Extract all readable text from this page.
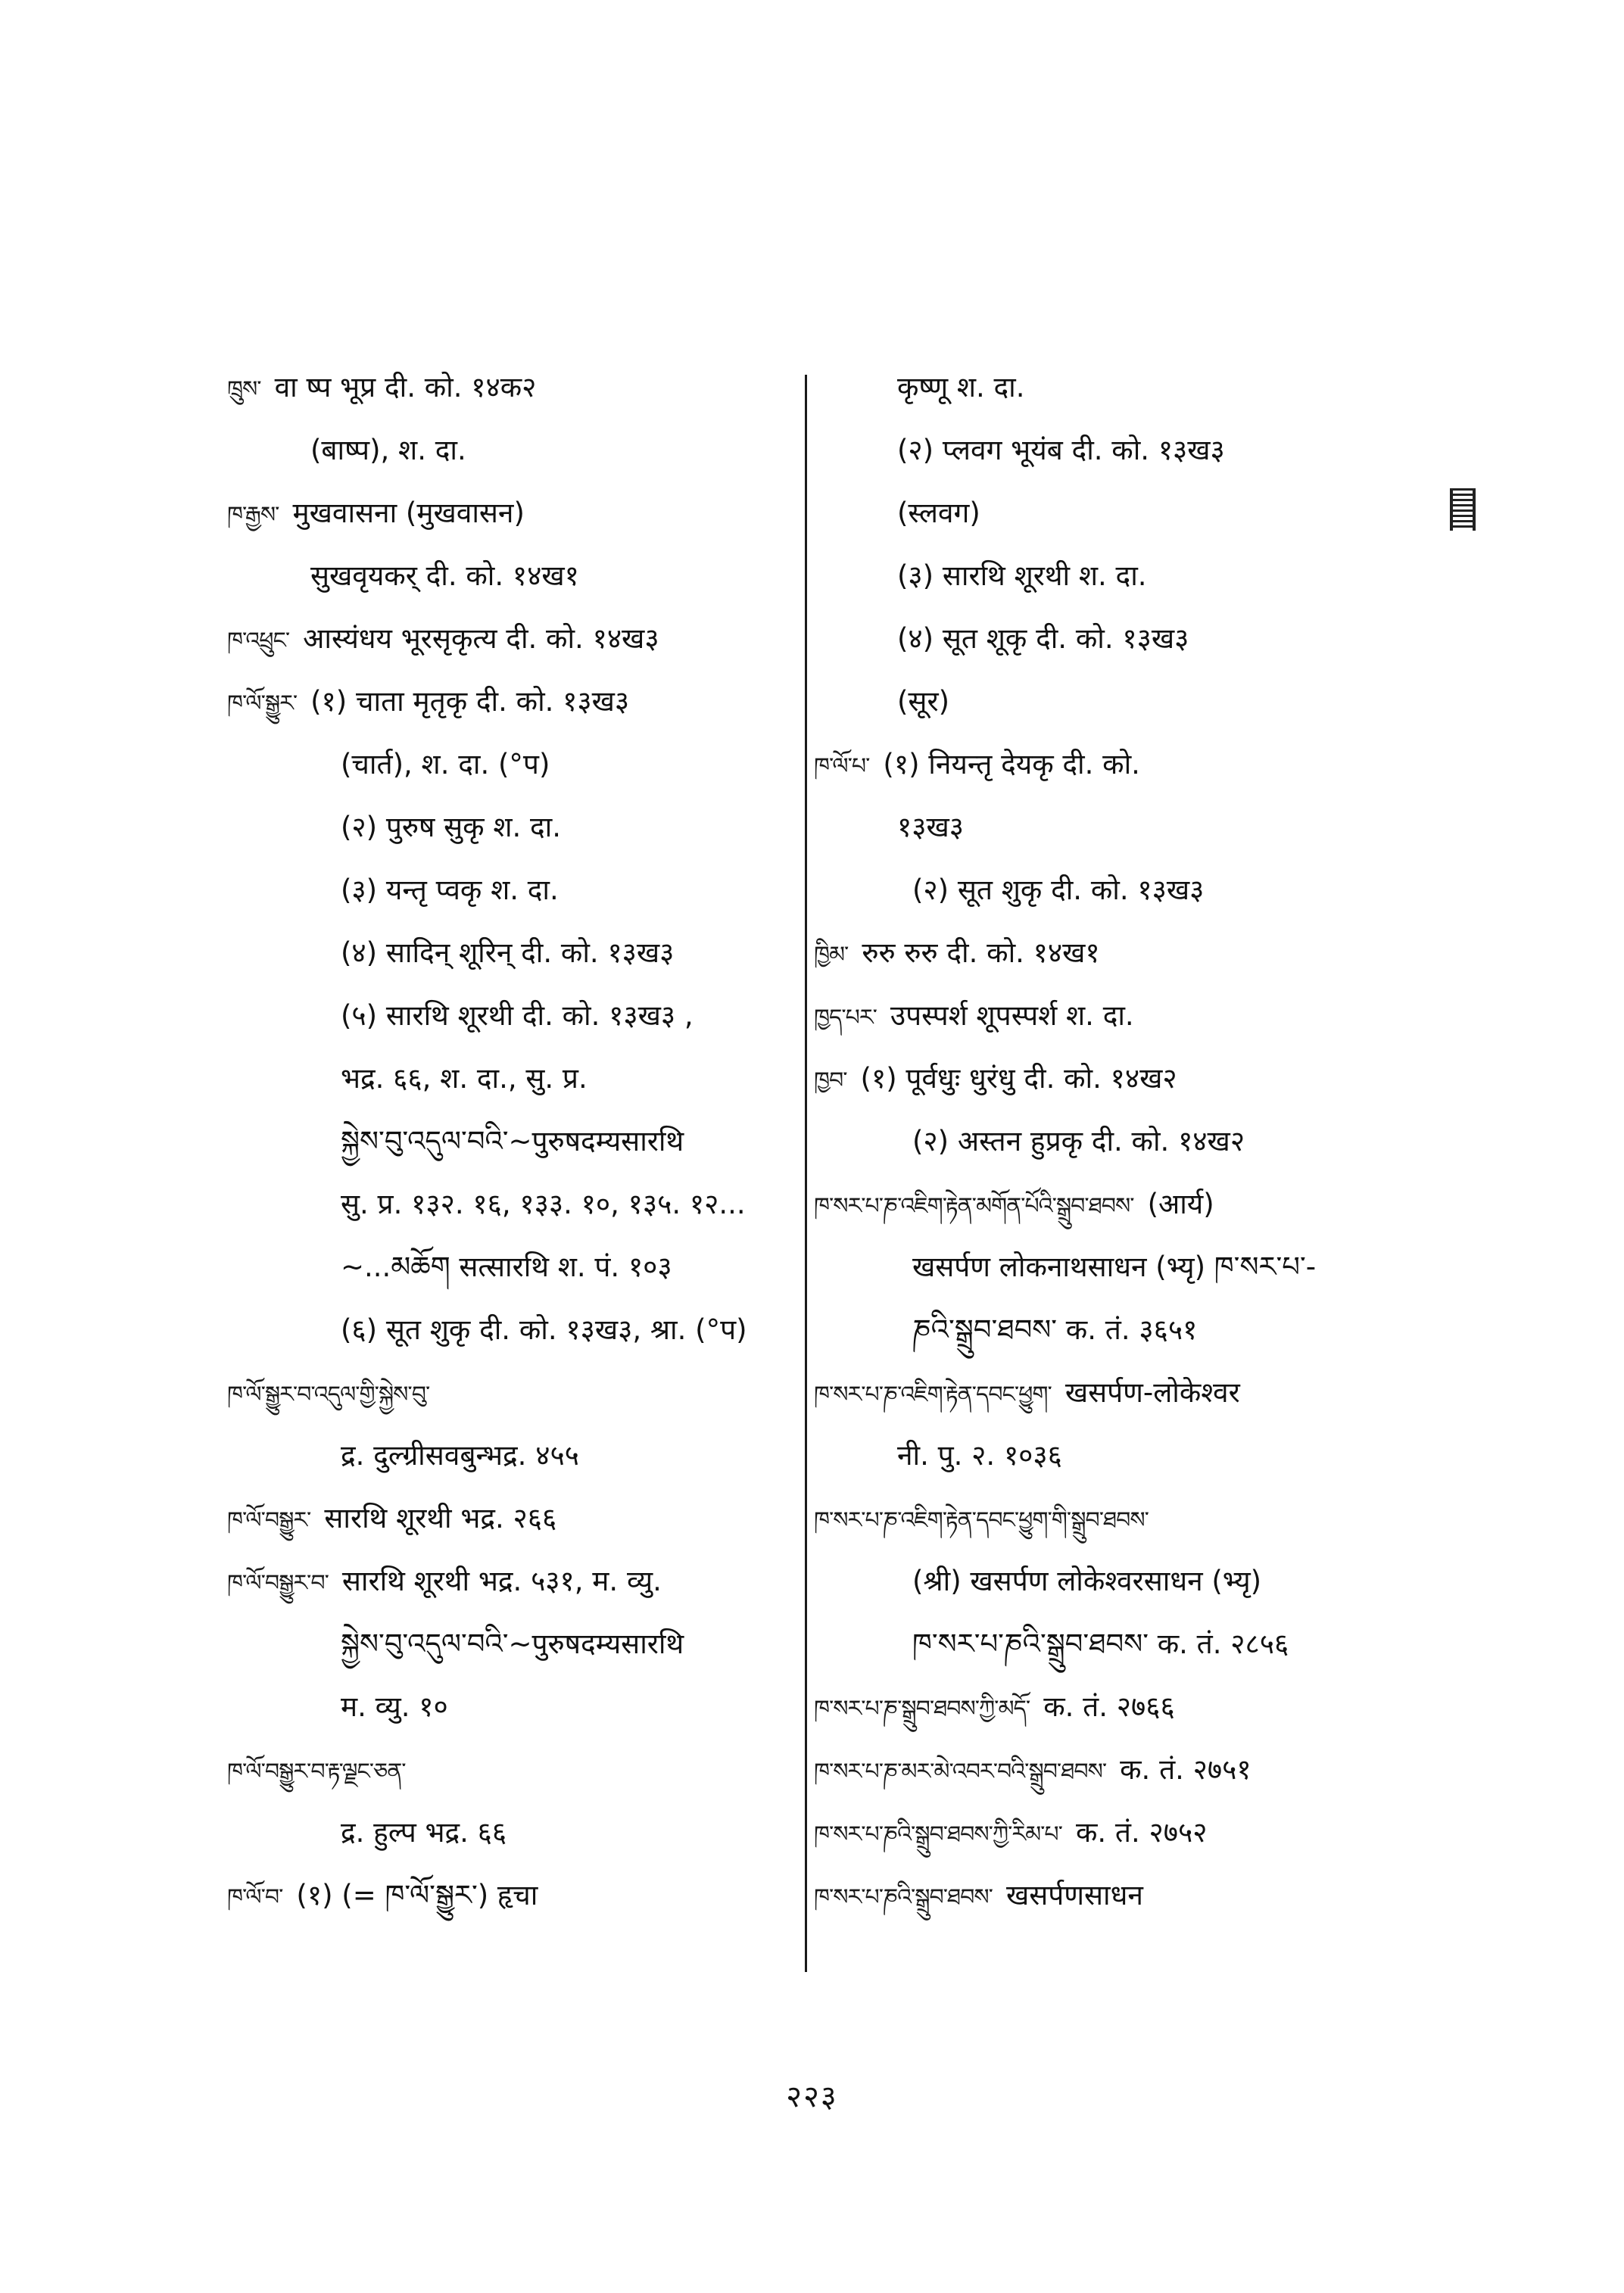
ཁྲུས་ वा ष्प भूप्र दी. को. १४क२
(बाष्प), श. दा.
ཁ་རྒྱས་ मुखवासना (मुखवासन)
सुखवृयकर् दी. को. १४ख१
ཁ་འཕྲུང་ आस्यंधय भूरसृकृत्य दी. को. १४ख३
ཁ་ལོ་སྒྱུར་ (१) चाता मृतृकृ दी. को. १३ख३
(चार्त), श. दा. (°प)
(२) पुरुष सुकृ श. दा.
(३) यन्तृ प्वकृ श. दा.
(४) सादिन् शूरिन् दी. को. १३ख३
(५) सारथि शूरथी दी. को. १३ख३ ,
भद्र. ६६, श. दा., सु. प्र.
སྐྱེས་བུ་འདུལ་བའི་~पुरुषदम्यसारथि
सु. प्र. १३२. १६, १३३. १०, १३५. १२...
~...མཆོག सत्सारथि श. पं. १०३
(६) सूत शुकृ दी. को. १३ख३, श्रा. (°प)
ཁ་ལོ་སྒྱུར་བ་འདུལ་གྱི་སྐྱེས་བུ་
द्र. दुल्ग्रीसवबुन्भद्र. ४५५
ཁ་ལོ་བསྒྱུར་ सारथि शूरथी भद्र. २६६
ཁ་ལོ་བསྒྱུར་བ་ सारथि शूरथी भद्र. ५३१, म. व्यु.
སྐྱེས་བུ་འདུལ་བའི་~पुरुषदम्यसारथि
म. व्यु. १०
ཁ་ལོ་བསྒྱུར་བ་རྟ་ལྗང་ཅན་
द्र. हुल्प भद्र. ६६
ཁ་ལོ་བ་ (१) (= ཁ་ལོ་སྒྱུར་) हृचा
कृष्णू श. दा.
(२) प्लवग भूयंब दी. को. १३ख३
(स्लवग)
(३) सारथि शूरथी श. दा.
(४) सूत शूकृ दी. को. १३ख३
(सूर)
ཁ་ལོ་པ་ (१) नियन्तृ देयकृ दी. को.
१३ख३
(२) सूत शुकृ दी. को. १३ख३
ཁྱིམ་ रुरु रुरु दी. को. १४ख१
ཁྱད་པར་ उपस्पर्श शूपस्पर्श श. दा.
ཁྱབ་ (१) पूर्वधुः धुरंधु दी. को. १४ख२
(२) अस्तन हुप्रकृ दी. को. १४ख२
ཁ་སར་པ་ཎ་འཇིག་རྟེན་མགོན་པོའི་སྒྲུབ་ཐབས་ (आर्य)
खसर्पण लोकनाथसाधन (भ्यृ) ཁ་སར་པ་-
ཎའི་སྒྲུབ་ཐབས་ क. तं. ३६५१
ཁ་སར་པ་ཎ་འཇིག་རྟེན་དབང་ཕྱུག་ खसर्पण-लोकेश्वर
नी. पु. २. १०३६
ཁ་སར་པ་ཎ་འཇིག་རྟེན་དབང་ཕྱུག་གི་སྒྲུབ་ཐབས་
(श्री) खसर्पण लोकेश्वरसाधन (भ्यृ)
ཁ་སར་པ་ཎའི་སྒྲུབ་ཐབས་ क. तं. २८५६
ཁ་སར་པ་ཎ་སྒྲུབ་ཐབས་ཀྱི་མདོ་ क. तं. २७६६
ཁ་སར་པ་ཎ་མར་མེ་འབར་བའི་སྒྲུབ་ཐབས་ क. तं. २७५१
ཁ་སར་པ་ཎའི་སྒྲུབ་ཐབས་ཀྱི་རིམ་པ་ क. तं. २७५२
ཁ་སར་པ་ཎའི་སྒྲུབ་ཐབས་ खसर्पणसाधन
२२३
